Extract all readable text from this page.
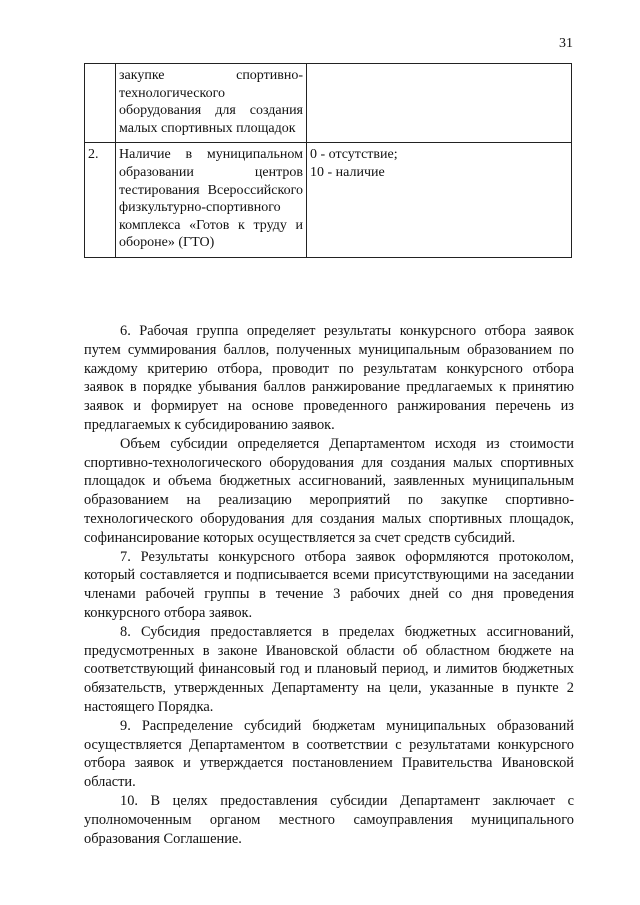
31
	закупке спортивно-технологического оборудования для создания малых спортивных площадок	
2.	Наличие в муниципальном образовании центров тестирования Всероссийского физкультурно-спортивного комплекса «Готов к труду и обороне» (ГТО)	0 - отсутствие;
10 - наличие

6. Рабочая группа определяет результаты конкурсного отбора заявок путем суммирования баллов, полученных муниципальным образованием по каждому критерию отбора, проводит по результатам конкурсного отбора заявок в порядке убывания баллов ранжирование предлагаемых к принятию заявок и формирует на основе проведенного ранжирования перечень из предлагаемых к субсидированию заявок.

Объем субсидии определяется Департаментом исходя из стоимости спортивно-технологического оборудования для создания малых спортивных площадок и объема бюджетных ассигнований, заявленных муниципальным образованием на реализацию мероприятий по закупке спортивно-технологического оборудования для создания малых спортивных площадок, софинансирование которых осуществляется за счет средств субсидий.

7. Результаты конкурсного отбора заявок оформляются протоколом, который составляется и подписывается всеми присутствующими на заседании членами рабочей группы в течение 3 рабочих дней со дня проведения конкурсного отбора заявок.

8. Субсидия предоставляется в пределах бюджетных ассигнований, предусмотренных в законе Ивановской области об областном бюджете на соответствующий финансовый год и плановый период, и лимитов бюджетных обязательств, утвержденных Департаменту на цели, указанные в пункте 2 настоящего Порядка.

9. Распределение субсидий бюджетам муниципальных образований осуществляется Департаментом в соответствии с результатами конкурсного отбора заявок и утверждается постановлением Правительства Ивановской области.

10. В целях предоставления субсидии Департамент заключает с уполномоченным органом местного самоуправления муниципального образования Соглашение.
